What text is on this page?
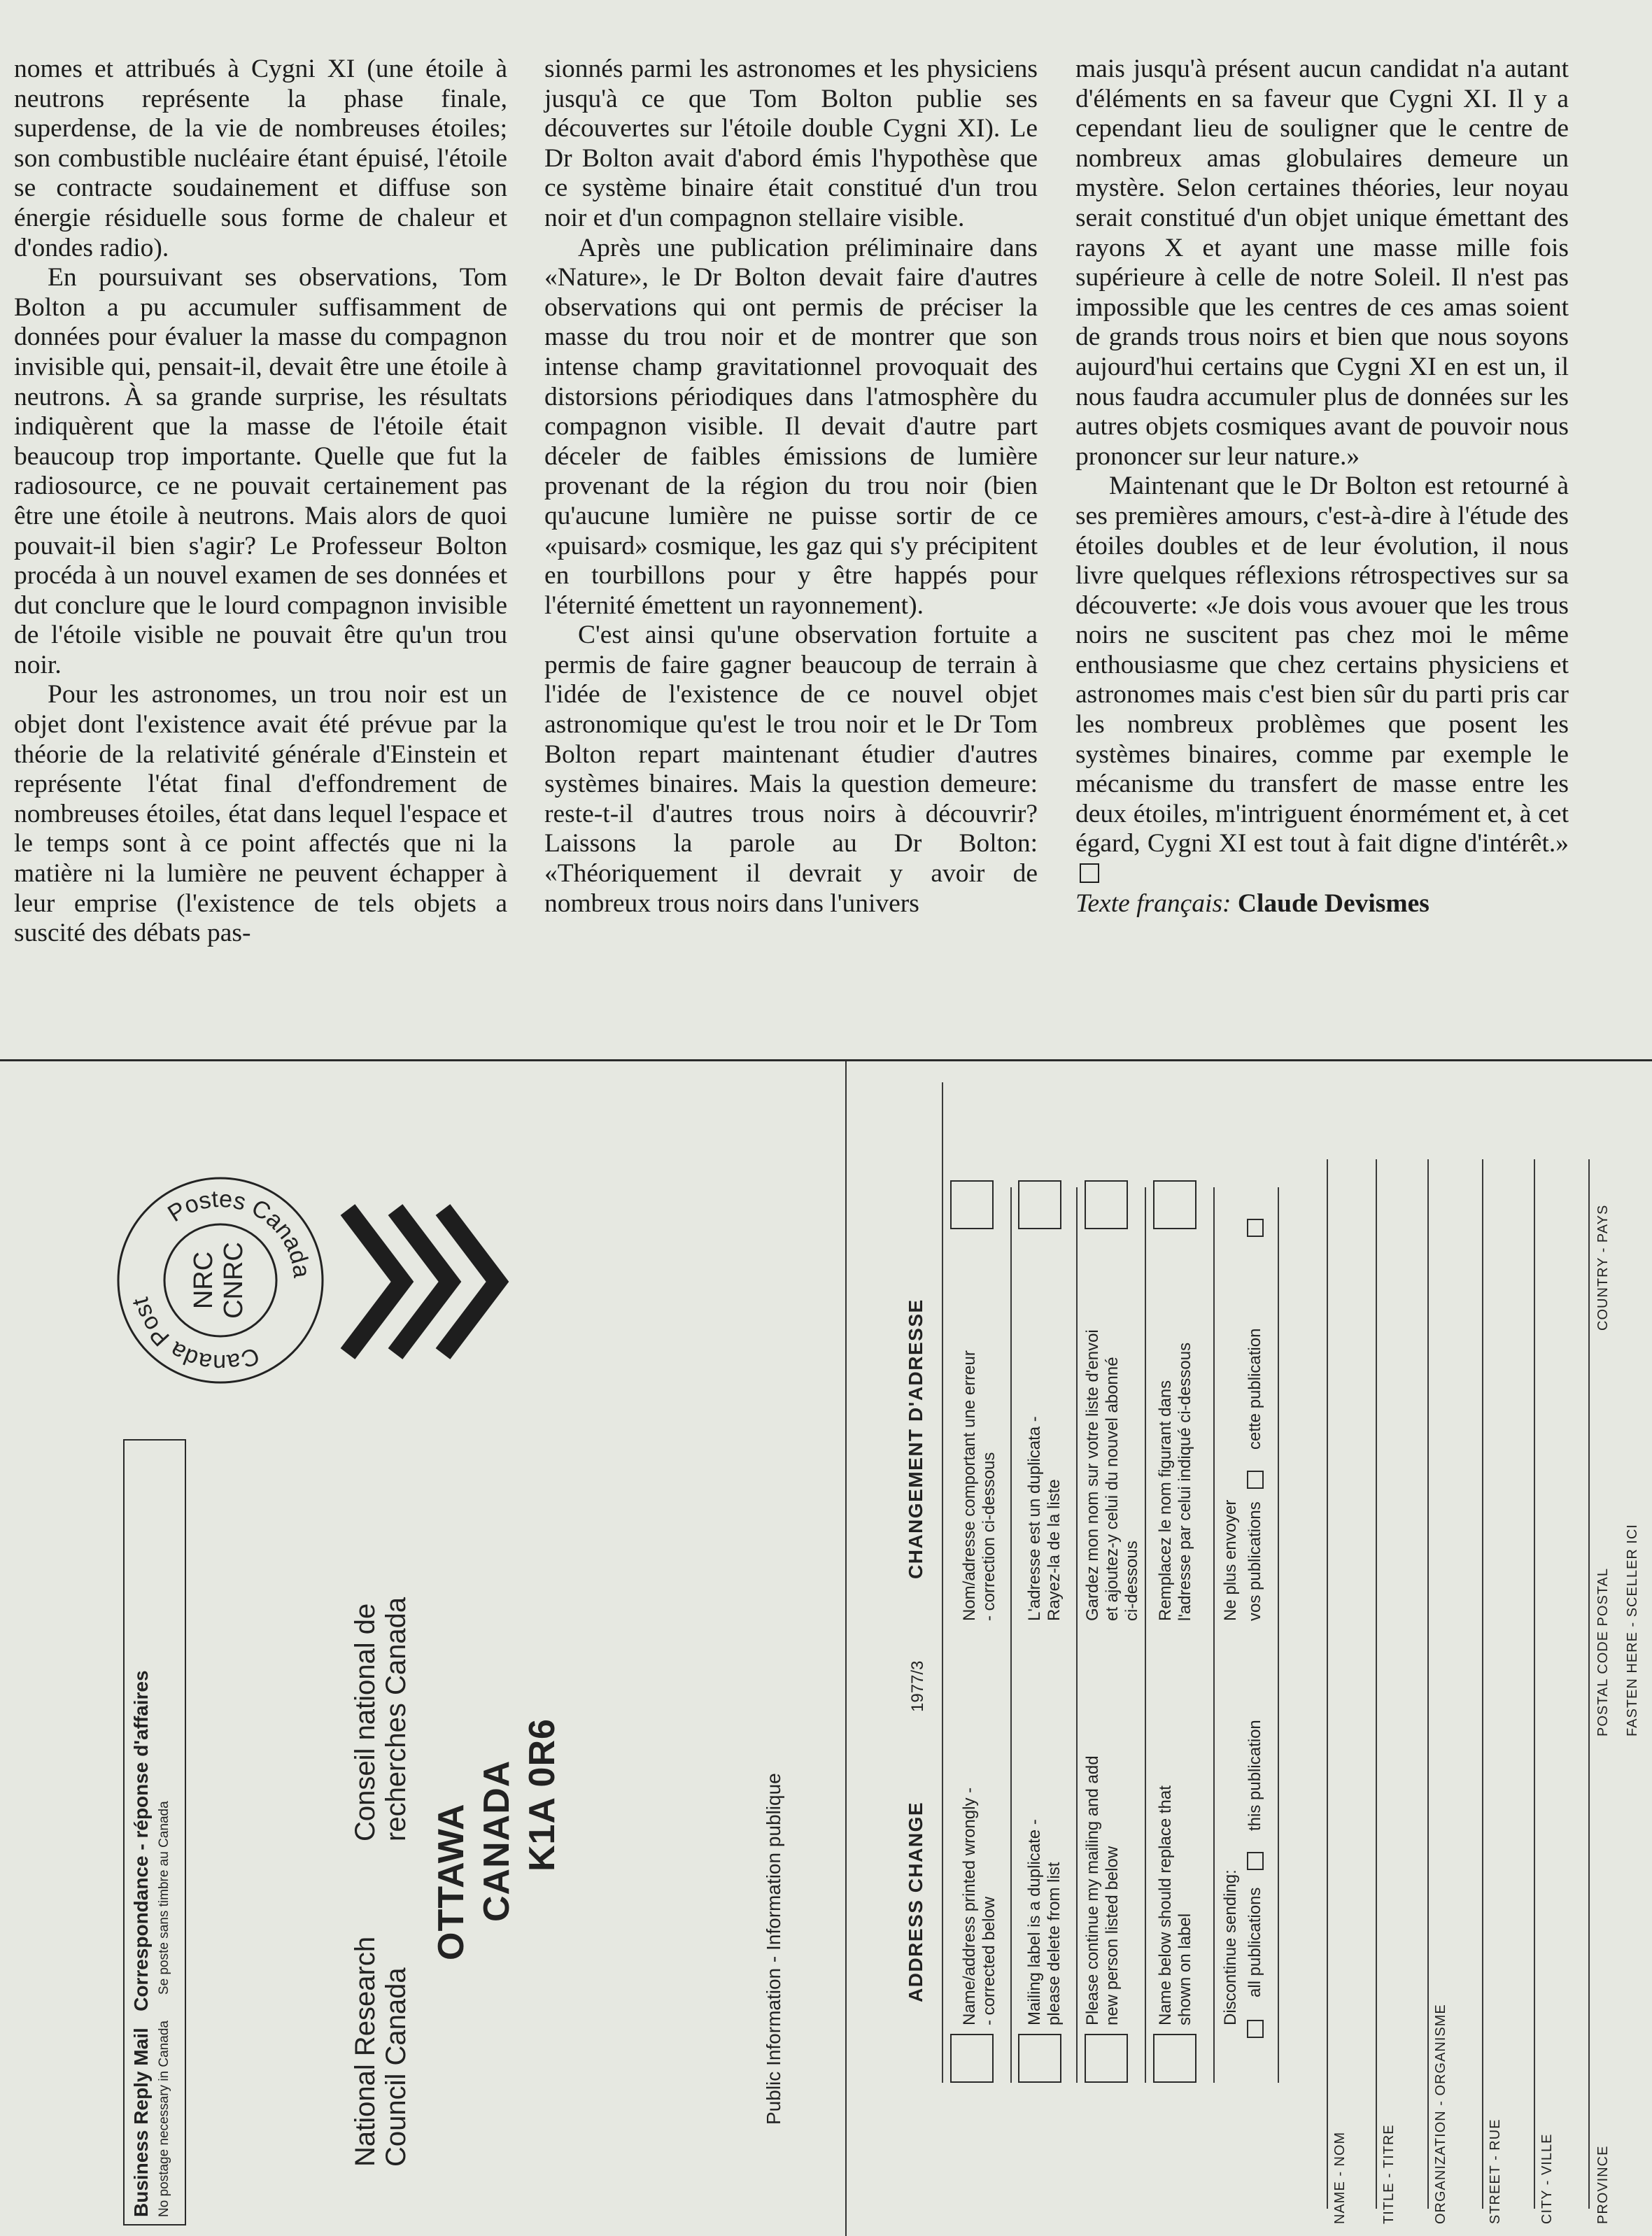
nomes et attribués à Cygni XI (une étoile à neutrons représente la phase finale, superdense, de la vie de nombreuses étoiles; son combustible nucléaire étant épuisé, l'étoile se contracte soudainement et diffuse son énergie résiduelle sous forme de chaleur et d'ondes radio).

En poursuivant ses observations, Tom Bolton a pu accumuler suffisamment de données pour évaluer la masse du compagnon invisible qui, pensait-il, devait être une étoile à neutrons. À sa grande surprise, les résultats indiquèrent que la masse de l'étoile était beaucoup trop importante. Quelle que fut la radiosource, ce ne pouvait certainement pas être une étoile à neutrons. Mais alors de quoi pouvait-il bien s'agir? Le Professeur Bolton procéda à un nouvel examen de ses données et dut conclure que le lourd compagnon invisible de l'étoile visible ne pouvait être qu'un trou noir.

Pour les astronomes, un trou noir est un objet dont l'existence avait été prévue par la théorie de la relativité générale d'Einstein et représente l'état final d'effondrement de nombreuses étoiles, état dans lequel l'espace et le temps sont à ce point affectés que ni la matière ni la lumière ne peuvent échapper à leur emprise (l'existence de tels objets a suscité des débats pas-

sionnés parmi les astronomes et les physiciens jusqu'à ce que Tom Bolton publie ses découvertes sur l'étoile double Cygni XI). Le Dr Bolton avait d'abord émis l'hypothèse que ce système binaire était constitué d'un trou noir et d'un compagnon stellaire visible.

Après une publication préliminaire dans «Nature», le Dr Bolton devait faire d'autres observations qui ont permis de préciser la masse du trou noir et de montrer que son intense champ gravitationnel provoquait des distorsions périodiques dans l'atmosphère du compagnon visible. Il devait d'autre part déceler de faibles émissions de lumière provenant de la région du trou noir (bien qu'aucune lumière ne puisse sortir de ce «puisard» cosmique, les gaz qui s'y précipitent en tourbillons pour y être happés pour l'éternité émettent un rayonnement).

C'est ainsi qu'une observation fortuite a permis de faire gagner beaucoup de terrain à l'idée de l'existence de ce nouvel objet astronomique qu'est le trou noir et le Dr Tom Bolton repart maintenant étudier d'autres systèmes binaires. Mais la question demeure: reste-t-il d'autres trous noirs à découvrir? Laissons la parole au Dr Bolton: «Théoriquement il devrait y avoir de nombreux trous noirs dans l'univers

mais jusqu'à présent aucun candidat n'a autant d'éléments en sa faveur que Cygni XI. Il y a cependant lieu de souligner que le centre de nombreux amas globulaires demeure un mystère. Selon certaines théories, leur noyau serait constitué d'un objet unique émettant des rayons X et ayant une masse mille fois supérieure à celle de notre Soleil. Il n'est pas impossible que les centres de ces amas soient de grands trous noirs et bien que nous soyons aujourd'hui certains que Cygni XI en est un, il nous faudra accumuler plus de données sur les autres objets cosmiques avant de pouvoir nous prononcer sur leur nature.»

Maintenant que le Dr Bolton est retourné à ses premières amours, c'est-à-dire à l'étude des étoiles doubles et de leur évolution, il nous livre quelques réflexions rétrospectives sur sa découverte: «Je dois vous avouer que les trous noirs ne suscitent pas chez moi le même enthousiasme que chez certains physiciens et astronomes mais c'est bien sûr du parti pris car les nombreux problèmes que posent les systèmes binaires, comme par exemple le mécanisme du transfert de masse entre les deux étoiles, m'intriguent énormément et, à cet égard, Cygni XI est tout à fait digne d'intérêt.»

Texte français: Claude Devismes
Business Reply Mail   Correspondance - réponse d'affaires
No postage necessary in Canada       Se poste sans timbre au Canada
Postes Canada
Canada Post	NRC CNRC
National Research Council Canada
Conseil national de recherches Canada
OTTAWA CANADA K1A 0R6	Public Information - Information publique	ADDRESS CHANGE
1977/3
CHANGEMENT D'ADRESSE
Name/address printed wrongly - - corrected below
Nom/adresse comportant une erreur - correction ci-dessous
Mailing label is a duplicate - please delete from list
L'adresse est un duplicata - Rayez-la de la liste
Please continue my mailing and add new person listed below
Gardez mon nom sur votre liste d'envoi et ajoutez-y celui du nouvel abonné ci-dessous
Name below should replace that shown on label
Remplacez le nom figurant dans l'adresse par celui indiqué ci-dessous
Discontinue sending: all publications
this publication
Ne plus envoyer vos publications
cette publication
NAME - NOM TITLE - TITRE	ORGANIZATION - ORGANISME	STREET - RUE	CITY - VILLE	PROVINCE
POSTAL CODE POSTAL
COUNTRY - PAYS
FASTEN HERE - SCELLER ICI
